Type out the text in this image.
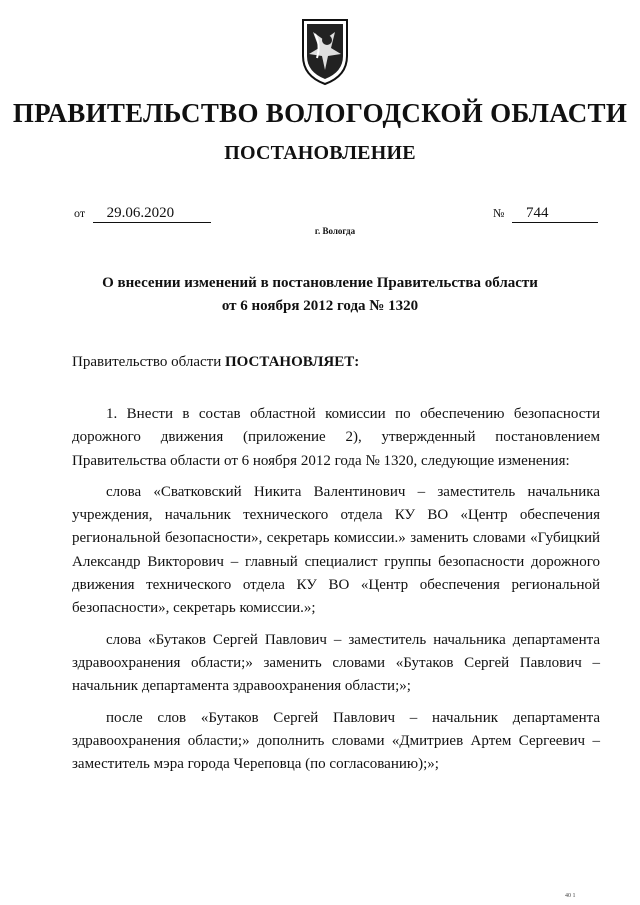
ПРАВИТЕЛЬСТВО ВОЛОГОДСКОЙ ОБЛАСТИ
ПОСТАНОВЛЕНИЕ
от 29.06.2020	№ 744
г. Вологда
О внесении изменений в постановление Правительства области
от 6 ноября 2012 года № 1320
Правительство области ПОСТАНОВЛЯЕТ:

1. Внести в состав областной комиссии по обеспечению безопасности дорожного движения (приложение 2), утвержденный постановлением Правительства области от 6 ноября 2012 года № 1320, следующие изменения:

слова «Сватковский Никита Валентинович – заместитель начальника учреждения, начальник технического отдела КУ ВО «Центр обеспечения региональной безопасности», секретарь комиссии.» заменить словами «Губицкий Александр Викторович – главный специалист группы безопасности дорожного движения технического отдела КУ ВО «Центр обеспечения региональной безопасности», секретарь комиссии.»;

слова «Бутаков Сергей Павлович – заместитель начальника департамента здравоохранения области;» заменить словами «Бутаков Сергей Павлович – начальник департамента здравоохранения области;»;

после слов «Бутаков Сергей Павлович – начальник департамента здравоохранения области;» дополнить словами «Дмитриев Артем Сергеевич – заместитель мэра города Череповца (по согласованию);»;

40 1
